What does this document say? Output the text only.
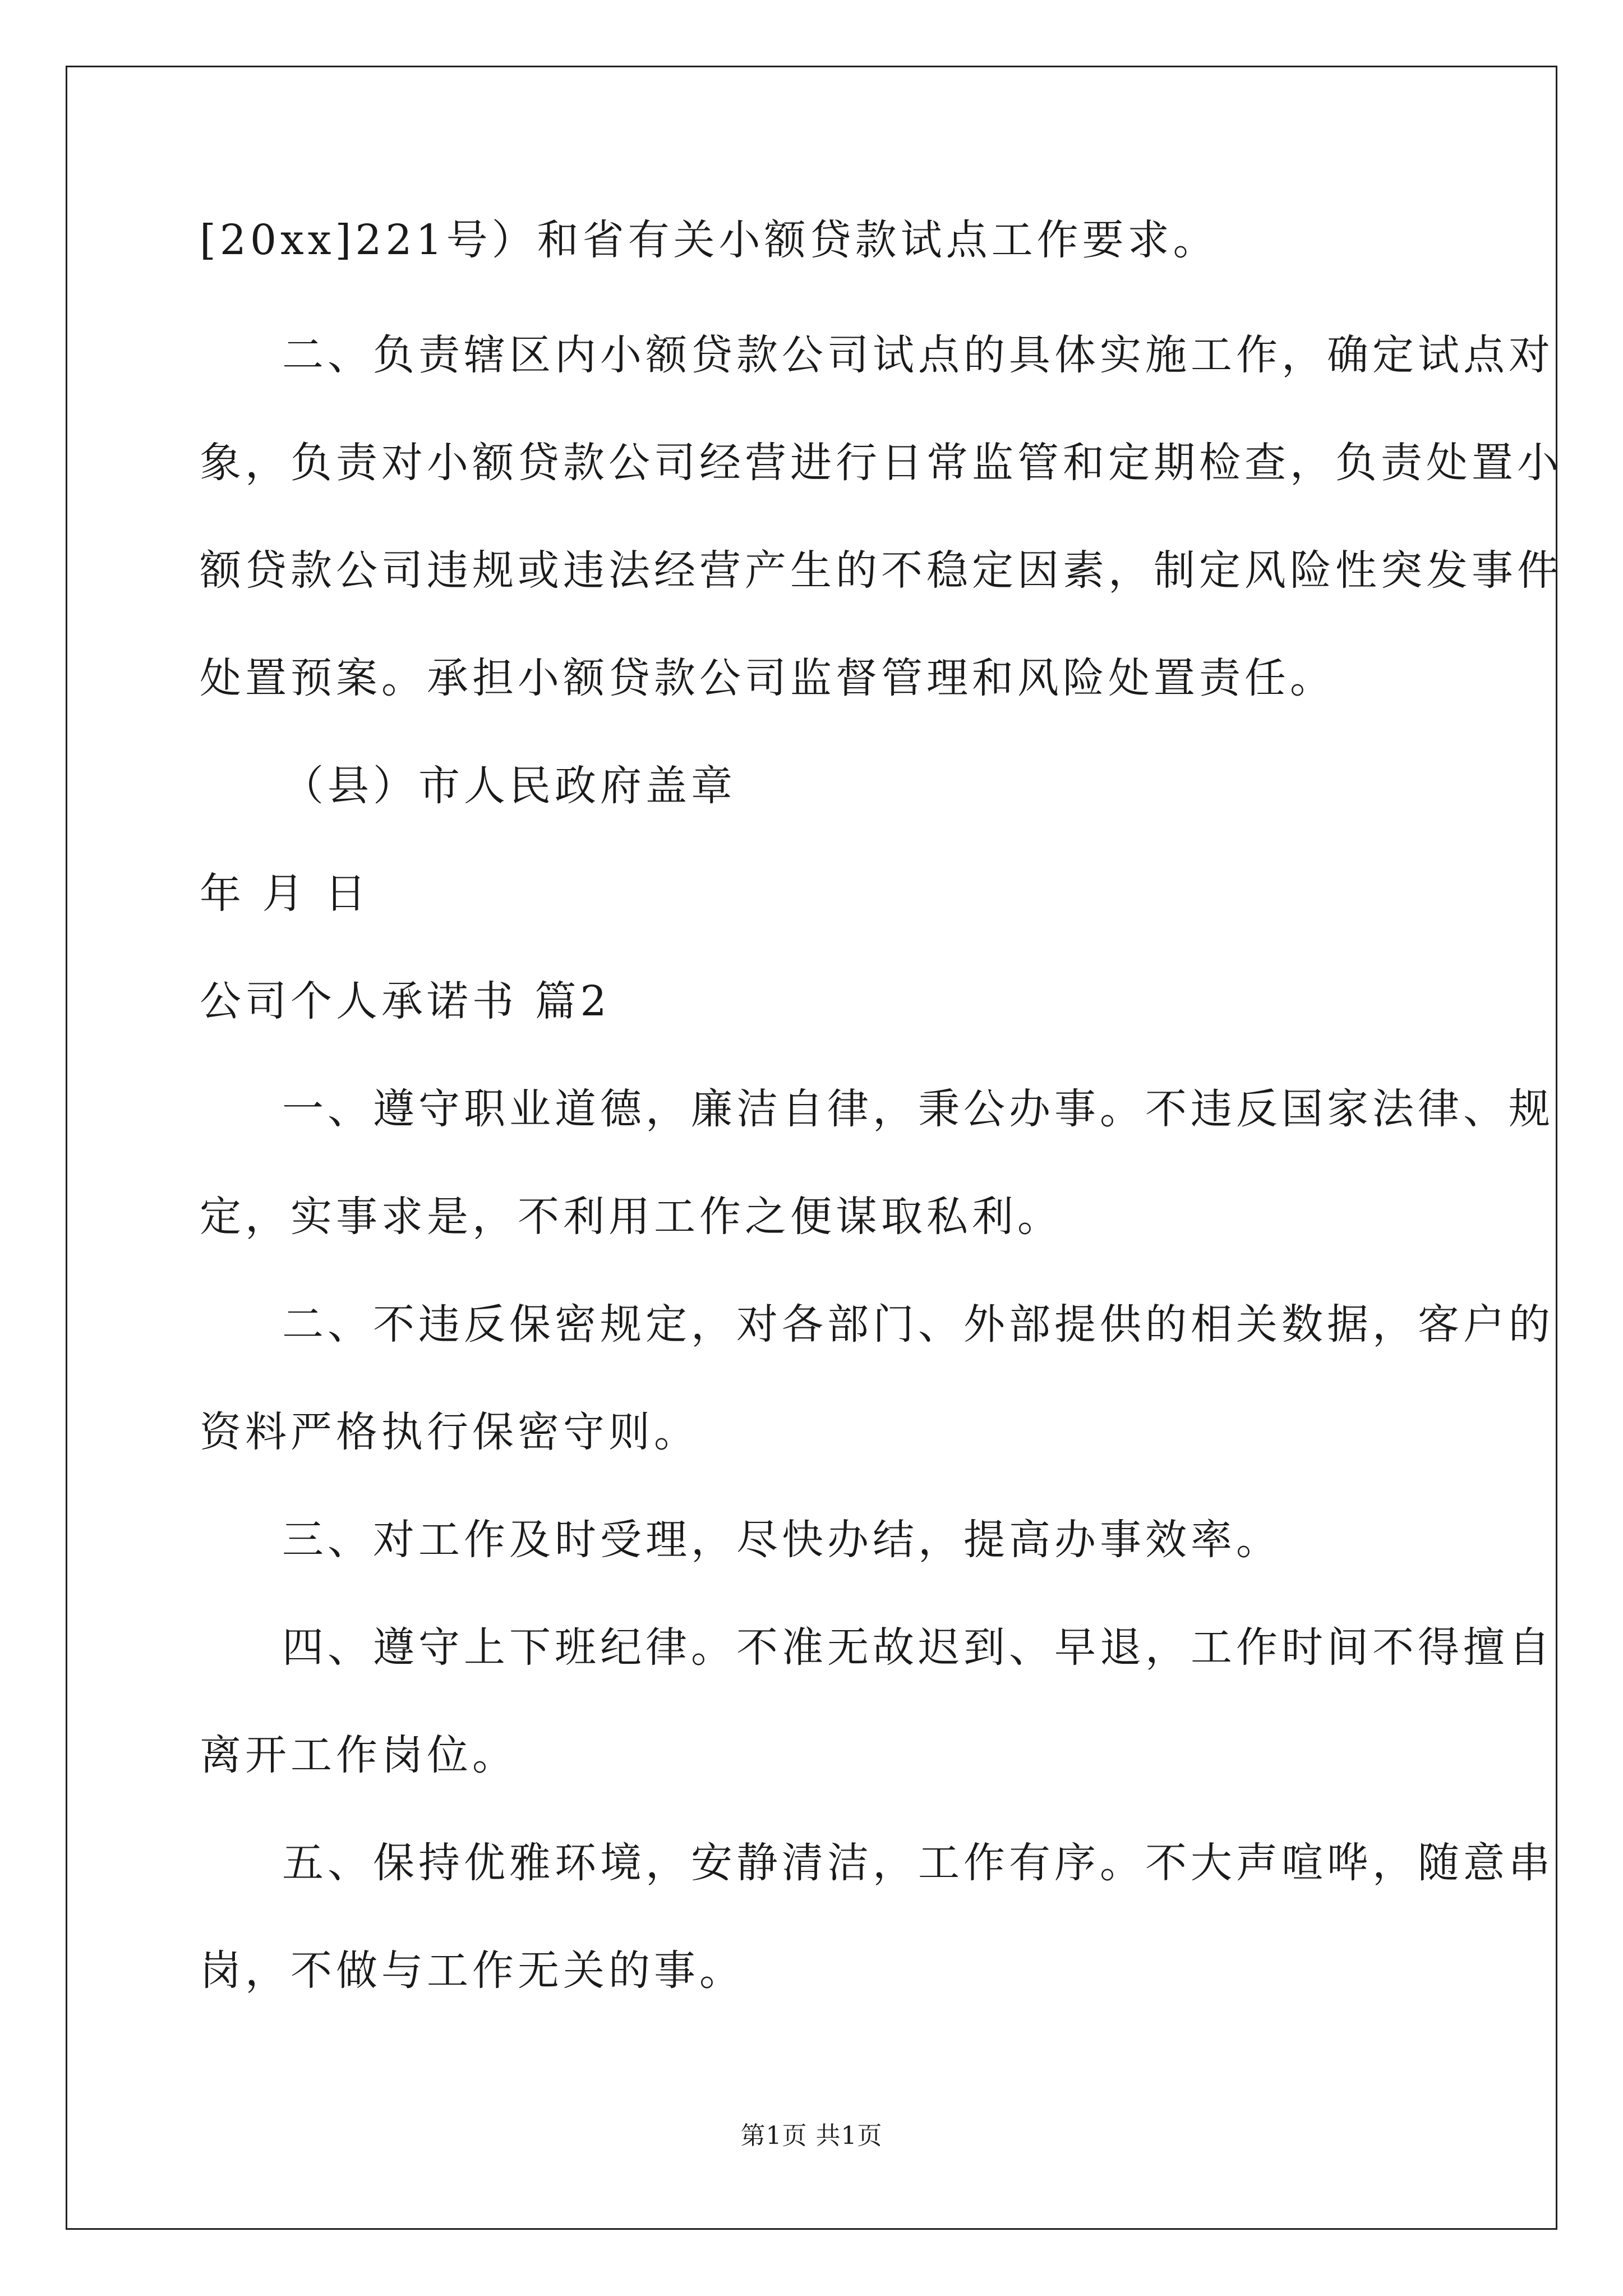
[20xx]221号）和省有关小额贷款试点工作要求。
二、负责辖区内小额贷款公司试点的具体实施工作，确定试点对
象，负责对小额贷款公司经营进行日常监管和定期检查，负责处置小
额贷款公司违规或违法经营产生的不稳定因素，制定风险性突发事件
处置预案。承担小额贷款公司监督管理和风险处置责任。
（县）市人民政府盖章
年 月 日
公司个人承诺书 篇2
一、遵守职业道德，廉洁自律，秉公办事。不违反国家法律、规
定，实事求是，不利用工作之便谋取私利。
二、不违反保密规定，对各部门、外部提供的相关数据，客户的
资料严格执行保密守则。
三、对工作及时受理，尽快办结，提高办事效率。
四、遵守上下班纪律。不准无故迟到、早退，工作时间不得擅自
离开工作岗位。
五、保持优雅环境，安静清洁，工作有序。不大声喧哗，随意串
岗，不做与工作无关的事。
第1页 共1页
